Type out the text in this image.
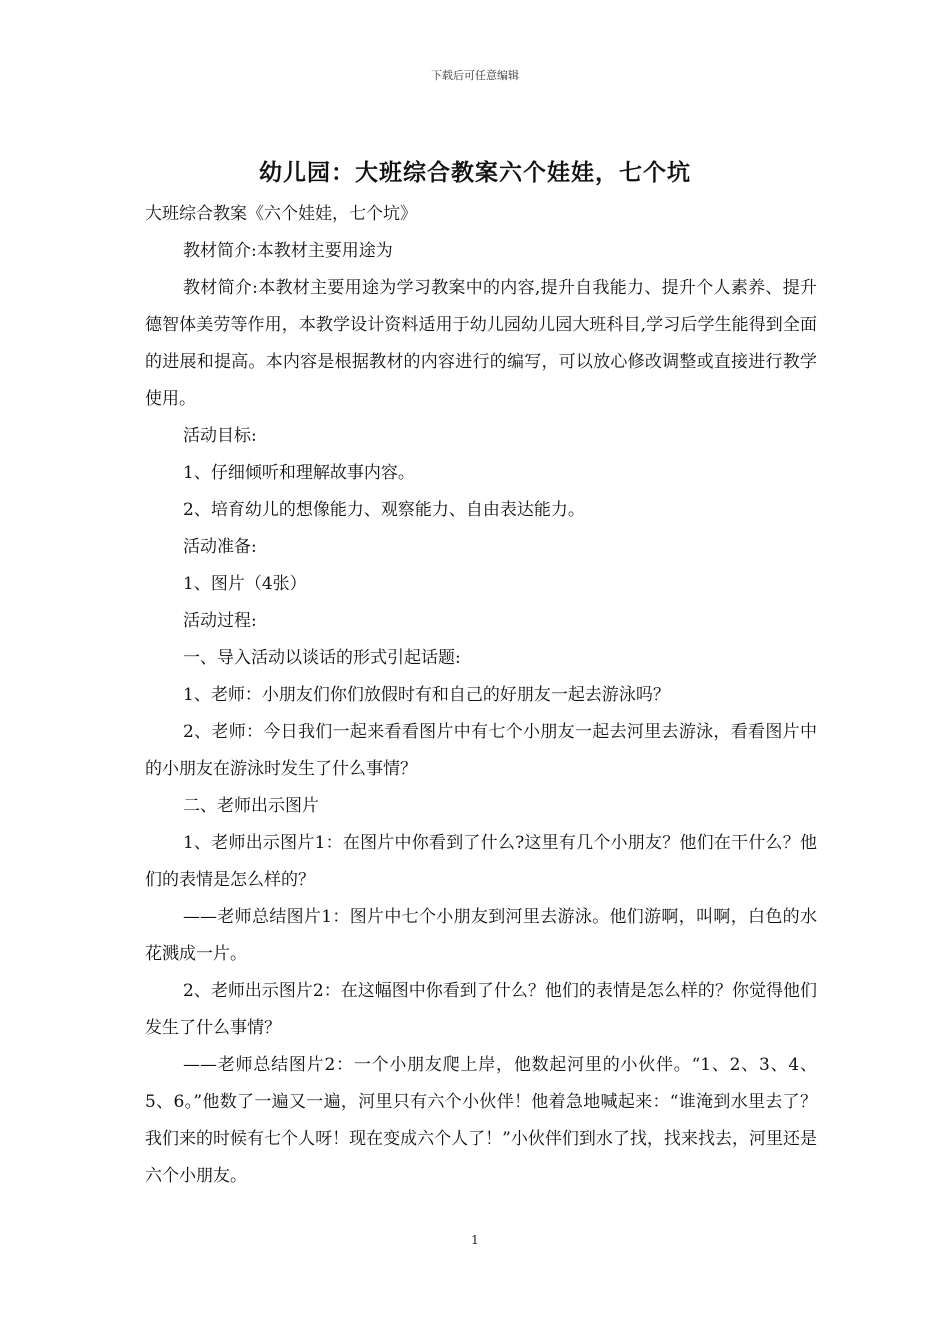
下载后可任意编辑
幼儿园：大班综合教案六个娃娃，七个坑

大班综合教案《六个娃娃，七个坑》

教材简介:本教材主要用途为

教材简介:本教材主要用途为学习教案中的内容,提升自我能力、提升个人素养、提升德智体美劳等作用，本教学设计资料适用于幼儿园幼儿园大班科目,学习后学生能得到全面的进展和提高。本内容是根据教材的内容进行的编写，可以放心修改调整或直接进行教学使用。

活动目标:

1、仔细倾听和理解故事内容。

2、培育幼儿的想像能力、观察能力、自由表达能力。

活动准备:

1、图片（4张）

活动过程:

一、导入活动以谈话的形式引起话题:

1、老师：小朋友们你们放假时有和自己的好朋友一起去游泳吗？

2、老师：今日我们一起来看看图片中有七个小朋友一起去河里去游泳，看看图片中的小朋友在游泳时发生了什么事情？

二、老师出示图片

1、老师出示图片1：在图片中你看到了什么?这里有几个小朋友？他们在干什么？他们的表情是怎么样的？

——老师总结图片1：图片中七个小朋友到河里去游泳。他们游啊，叫啊，白色的水花溅成一片。

2、老师出示图片2：在这幅图中你看到了什么？他们的表情是怎么样的？你觉得他们发生了什么事情？

——老师总结图片2：一个小朋友爬上岸，他数起河里的小伙伴。“1、2、3、4、5、6。”他数了一遍又一遍，河里只有六个小伙伴！他着急地喊起来：“谁淹到水里去了？我们来的时候有七个人呀！现在变成六个人了！”小伙伴们到水了找，找来找去，河里还是六个小朋友。

1
